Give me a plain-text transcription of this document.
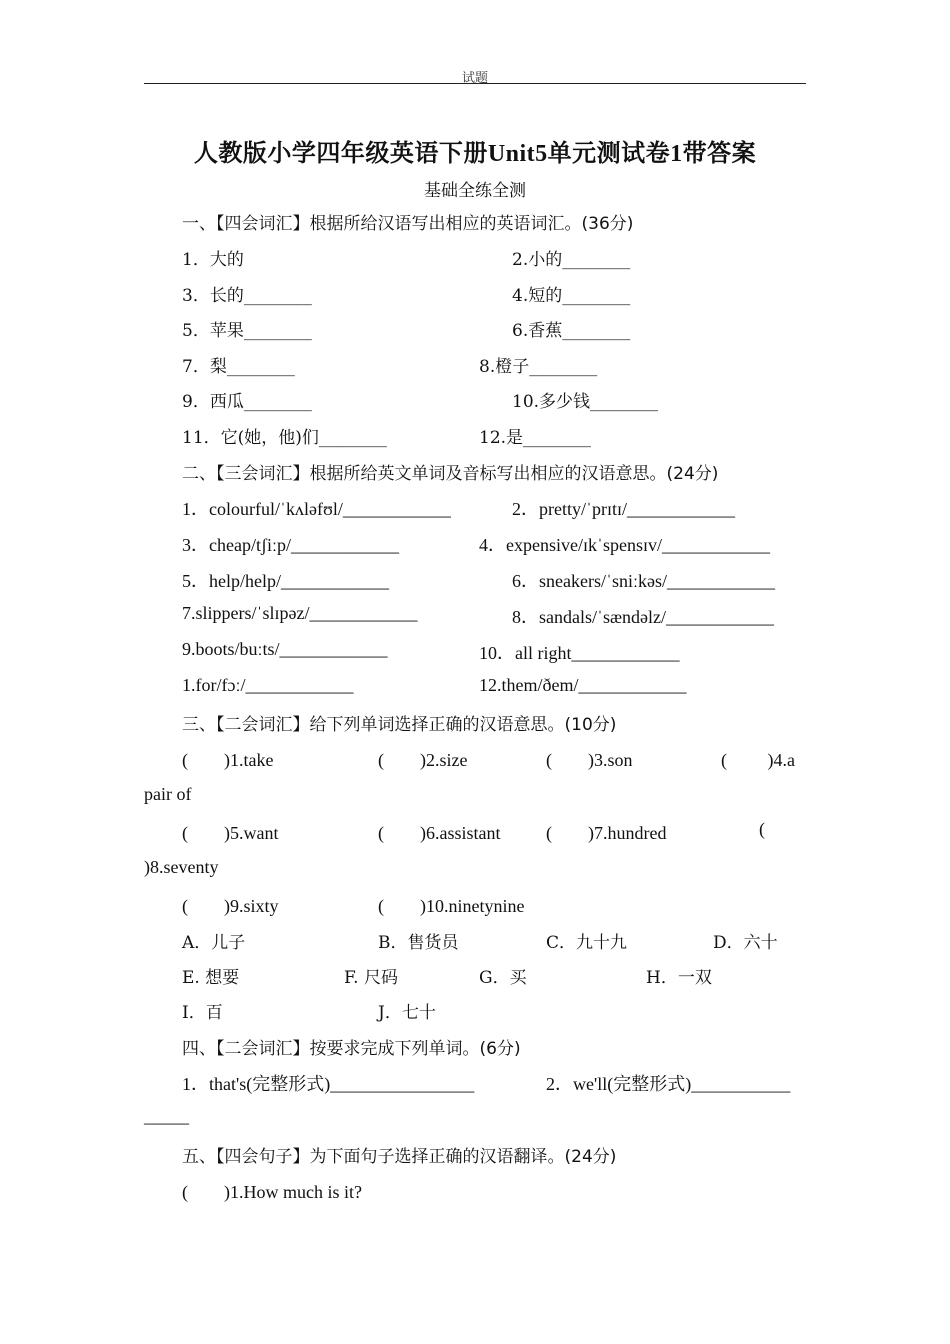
试题
人教版小学四年级英语下册Unit5单元测试卷1带答案
基础全练全测
一、【四会词汇】根据所给汉语写出相应的英语词汇。(36分)
1．大的	2.小的________
3．长的________	4.短的________
5．苹果________	6.香蕉________
7．梨________	8.橙子________
9．西瓜________	10.多少钱________
11．它(她，他)们________	12.是________
二、【三会词汇】根据所给英文单词及音标写出相应的汉语意思。(24分)
1．colourful/ˈkʌləfʊl/____________	2．pretty/ˈprɪtɪ/____________
3．cheap/tʃiːp/____________	4．expensive/ɪkˈspensɪv/____________
5．help/help/____________	6．sneakers/ˈsniːkəs/____________
7.slippers/ˈslɪpəz/____________	8．sandals/ˈsændəlz/____________
9.boots/buːts/____________	10．all right____________
1.for/fɔː/____________	12.them/ðem/____________
三、【二会词汇】给下列单词选择正确的汉语意思。(10分)
(　　)1.take	(　　)2.size	(　　)3.son	(　　 )4.a
pair of
(　　)5.want	(　　)6.assistant	(　　)7.hundred	(
)8.seventy
(　　)9.sixty	(　　)10.ninetynine
A．儿子	B．售货员	C．九十九	D．六十
E. 想要	F. 尺码	G．买	H．一双
I．百	J．七十
四、【二会词汇】按要求完成下列单词。(6分)
1．that's(完整形式)________________	2．we'll(完整形式)___________
_____
五、【四会句子】为下面句子选择正确的汉语翻译。(24分)
(　　)1.How much is it?
